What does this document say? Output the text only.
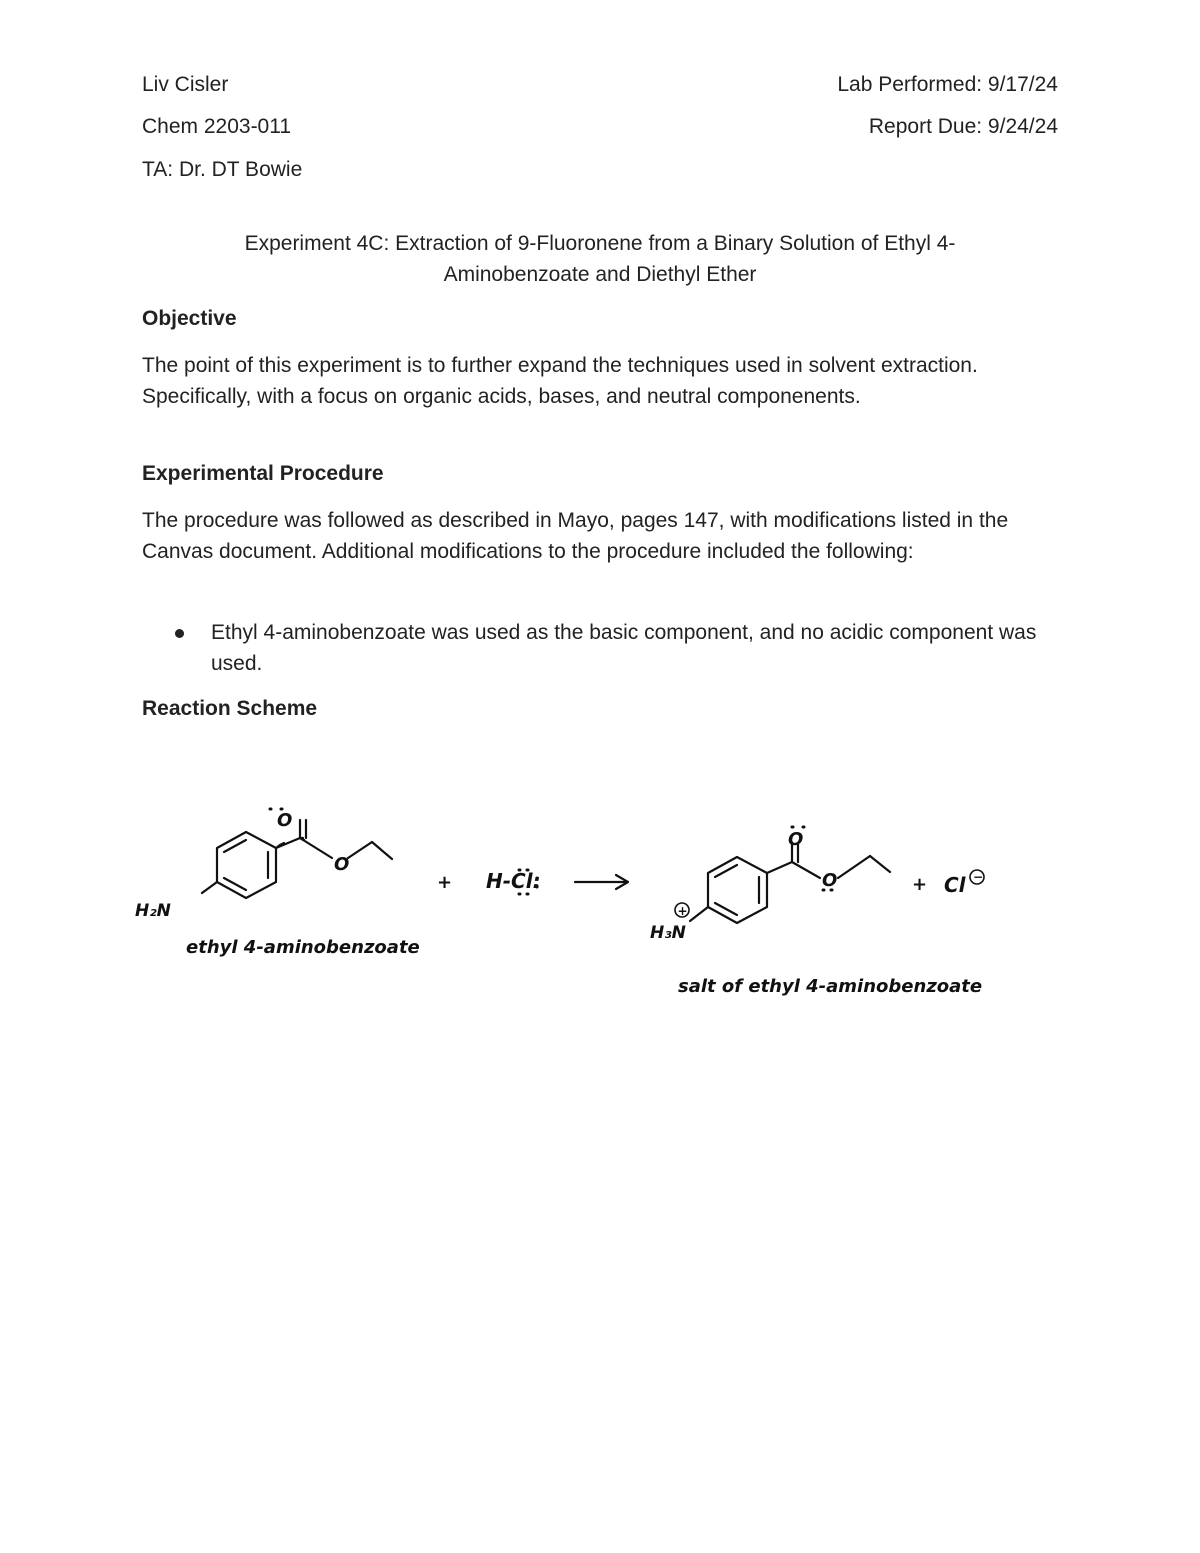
Liv Cisler
Chem 2203-011
TA: Dr. DT Bowie
Lab Performed: 9/17/24
Report Due: 9/24/24
Experiment 4C: Extraction of 9-Fluoronene from a Binary Solution of Ethyl 4-
Aminobenzoate and Diethyl Ether
Objective
The point of this experiment is to further expand the techniques used in solvent extraction. Specifically, with a focus on organic acids, bases, and neutral componenents.
Experimental Procedure
The procedure was followed as described in Mayo, pages 147, with modifications listed in the Canvas document. Additional modifications to the procedure included the following:
Ethyl 4-aminobenzoate was used as the basic component, and no acidic component was used.
Reaction Scheme
O
O
O
O
H₂N
H₃N
+
+ H-Cl:	+ Cl −
ethyl 4-aminobenzoate
salt of ethyl 4-aminobenzoate
